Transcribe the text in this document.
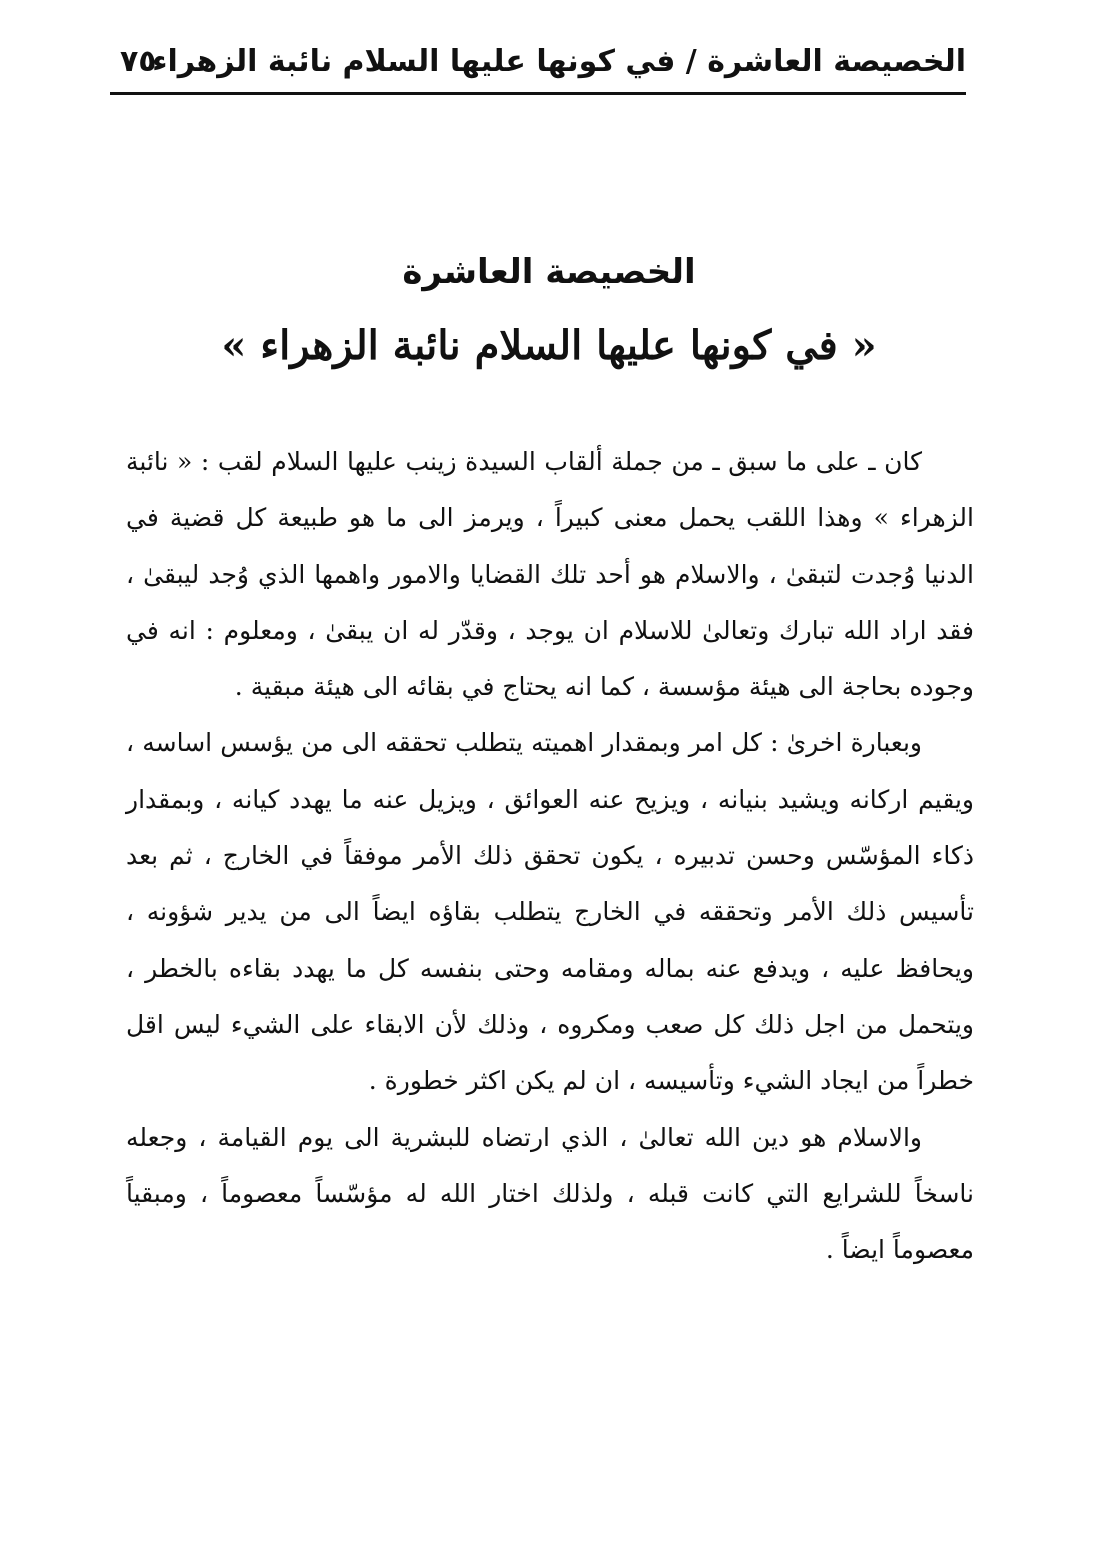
الخصيصة العاشرة / في كونها عليها السلام نائبة الزهراء
٧٥
الخصيصة العاشرة
« في كونها عليها السلام نائبة الزهراء »

كان ـ على ما سبق ـ من جملة ألقاب السيدة زينب عليها السلام لقب : « نائبة الزهراء » وهذا اللقب يحمل معنى كبيراً ، ويرمز الى ما هو طبيعة كل قضية في الدنيا وُجدت لتبقىٰ ، والاسلام هو أحد تلك القضايا والامور واهمها الذي وُجد ليبقىٰ ، فقد اراد الله تبارك وتعالىٰ للاسلام ان يوجد ، وقدّر له ان يبقىٰ ، ومعلوم : انه في وجوده بحاجة الى هيئة مؤسسة ، كما انه يحتاج في بقائه الى هيئة مبقية .

وبعبارة اخرىٰ : كل امر وبمقدار اهميته يتطلب تحققه الى من يؤسس اساسه ، ويقيم اركانه ويشيد بنيانه ، ويزيح عنه العوائق ، ويزيل عنه ما يهدد كيانه ، وبمقدار ذكاء المؤسّس وحسن تدبيره ، يكون تحقق ذلك الأمر موفقاً في الخارج ، ثم بعد تأسيس ذلك الأمر وتحققه في الخارج يتطلب بقاؤه ايضاً الى من يدير شؤونه ، ويحافظ عليه ، ويدفع عنه بماله ومقامه وحتى بنفسه كل ما يهدد بقاءه بالخطر ، ويتحمل من اجل ذلك كل صعب ومكروه ، وذلك لأن الابقاء على الشيء ليس اقل خطراً من ايجاد الشيء وتأسيسه ، ان لم يكن اكثر خطورة .

والاسلام هو دين الله تعالىٰ ، الذي ارتضاه للبشرية الى يوم القيامة ، وجعله ناسخاً للشرايع التي كانت قبله ، ولذلك اختار الله له مؤسّساً معصوماً ، ومبقياً معصوماً ايضاً .
